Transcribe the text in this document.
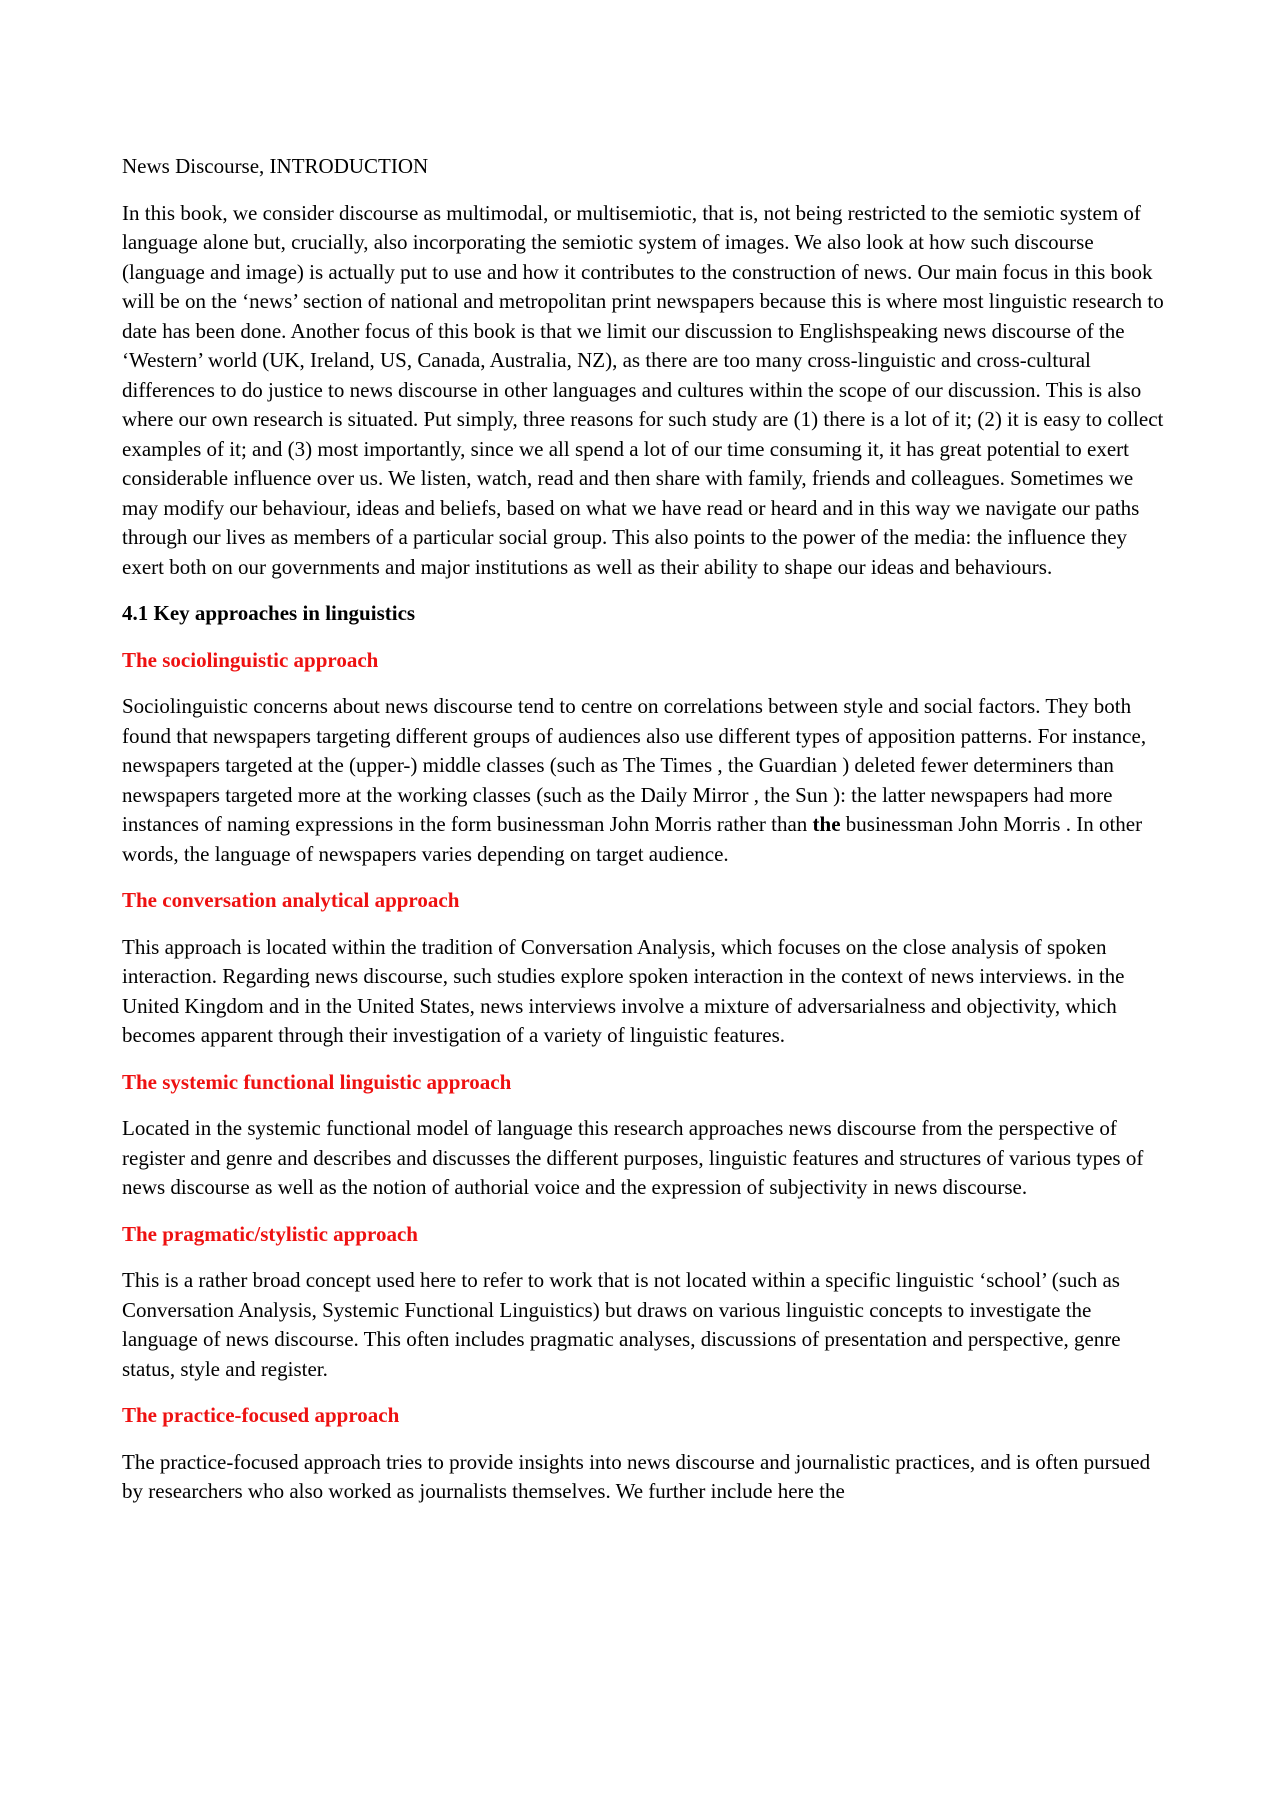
News Discourse, INTRODUCTION

In this book, we consider discourse as multimodal, or multisemiotic, that is, not being restricted to the semiotic system of language alone but, crucially, also incorporating the semiotic system of images. We also look at how such discourse (language and image) is actually put to use and how it contributes to the construction of news. Our main focus in this book will be on the ‘news’ section of national and metropolitan print newspapers because this is where most linguistic research to date has been done. Another focus of this book is that we limit our discussion to Englishspeaking news discourse of the ‘Western’ world (UK, Ireland, US, Canada, Australia, NZ), as there are too many cross-linguistic and cross-cultural differences to do justice to news discourse in other languages and cultures within the scope of our discussion. This is also where our own research is situated. Put simply, three reasons for such study are (1) there is a lot of it; (2) it is easy to collect examples of it; and (3) most importantly, since we all spend a lot of our time consuming it, it has great potential to exert considerable influence over us. We listen, watch, read and then share with family, friends and colleagues. Sometimes we may modify our behaviour, ideas and beliefs, based on what we have read or heard and in this way we navigate our paths through our lives as members of a particular social group. This also points to the power of the media: the influence they exert both on our governments and major institutions as well as their ability to shape our ideas and behaviours.

4.1 Key approaches in linguistics

The sociolinguistic approach

Sociolinguistic concerns about news discourse tend to centre on correlations between style and social factors. They both found that newspapers targeting different groups of audiences also use different types of apposition patterns. For instance, newspapers targeted at the (upper-) middle classes (such as The Times , the Guardian ) deleted fewer determiners than newspapers targeted more at the working classes (such as the Daily Mirror , the Sun ): the latter newspapers had more instances of naming expressions in the form businessman John Morris rather than the businessman John Morris . In other words, the language of newspapers varies depending on target audience.

The conversation analytical approach

This approach is located within the tradition of Conversation Analysis, which focuses on the close analysis of spoken interaction. Regarding news discourse, such studies explore spoken interaction in the context of news interviews. in the United Kingdom and in the United States, news interviews involve a mixture of adversarialness and objectivity, which becomes apparent through their investigation of a variety of linguistic features.

The systemic functional linguistic approach

Located in the systemic functional model of language this research approaches news discourse from the perspective of register and genre and describes and discusses the different purposes, linguistic features and structures of various types of news discourse as well as the notion of authorial voice and the expression of subjectivity in news discourse.

The pragmatic/stylistic approach

This is a rather broad concept used here to refer to work that is not located within a specific linguistic ‘school’ (such as Conversation Analysis, Systemic Functional Linguistics) but draws on various linguistic concepts to investigate the language of news discourse. This often includes pragmatic analyses, discussions of presentation and perspective, genre status, style and register.

The practice-focused approach

The practice-focused approach tries to provide insights into news discourse and journalistic practices, and is often pursued by researchers who also worked as journalists themselves. We further include here the
